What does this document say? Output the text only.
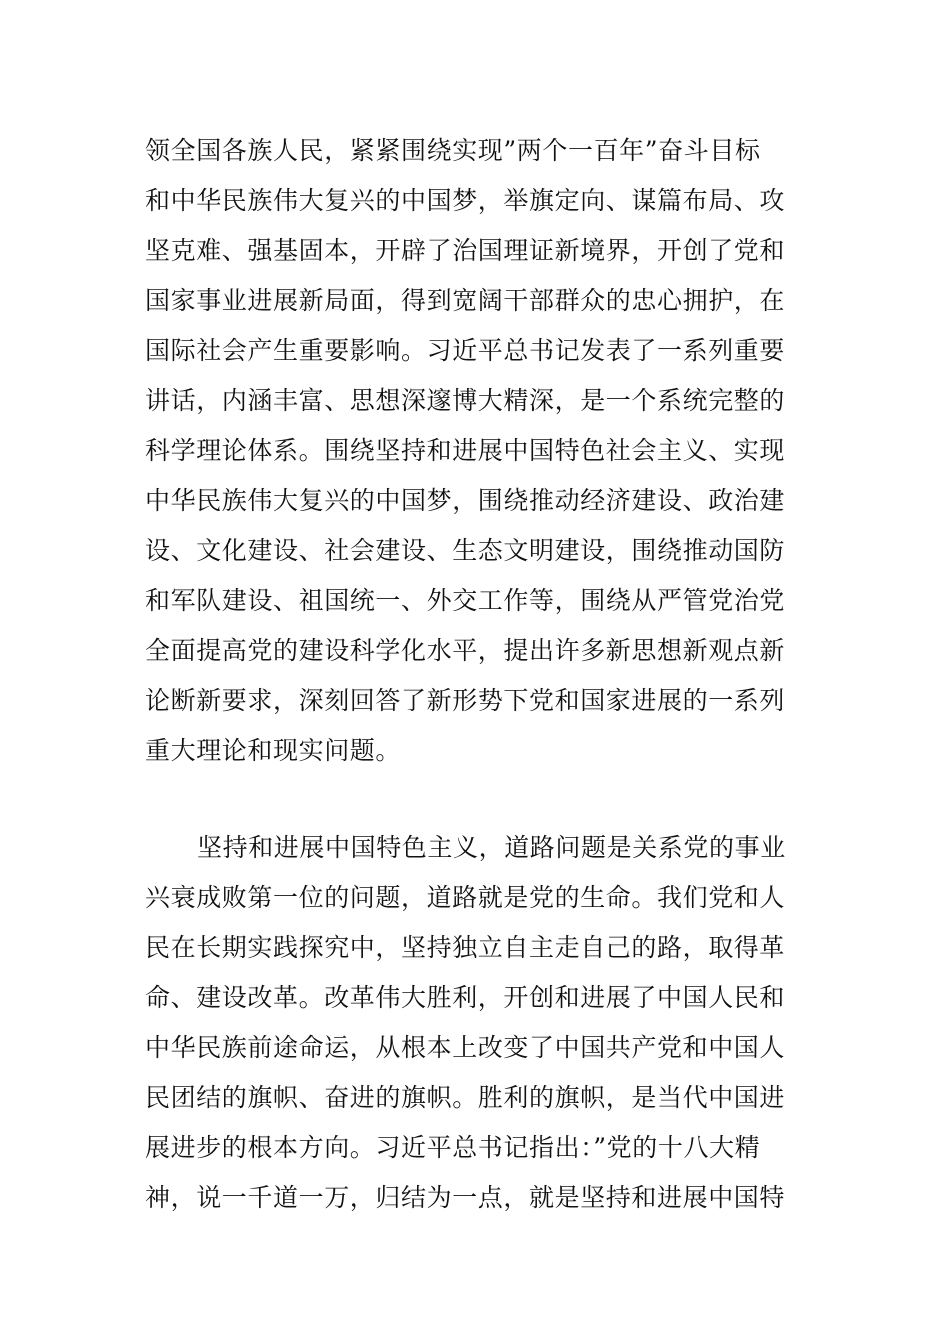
领全国各族人民，紧紧围绕实现”两个一百年”奋斗目标
和中华民族伟大复兴的中国梦，举旗定向、谋篇布局、攻
坚克难、强基固本，开辟了治国理证新境界，开创了党和
国家事业进展新局面，得到宽阔干部群众的忠心拥护，在
国际社会产生重要影响。习近平总书记发表了一系列重要
讲话，内涵丰富、思想深邃博大精深，是一个系统完整的
科学理论体系。围绕坚持和进展中国特色社会主义、实现
中华民族伟大复兴的中国梦，围绕推动经济建设、政治建
设、文化建设、社会建设、生态文明建设，围绕推动国防
和军队建设、祖国统一、外交工作等，围绕从严管党治党
全面提高党的建设科学化水平，提出许多新思想新观点新
论断新要求，深刻回答了新形势下党和国家进展的一系列
重大理论和现实问题。
坚持和进展中国特色主义，道路问题是关系党的事业
兴衰成败第一位的问题，道路就是党的生命。我们党和人
民在长期实践探究中，坚持独立自主走自己的路，取得革
命、建设改革。改革伟大胜利，开创和进展了中国人民和
中华民族前途命运，从根本上改变了中国共产党和中国人
民团结的旗帜、奋进的旗帜。胜利的旗帜，是当代中国进
展进步的根本方向。习近平总书记指出：”党的十八大精
神，说一千道一万，归结为一点，就是坚持和进展中国特
